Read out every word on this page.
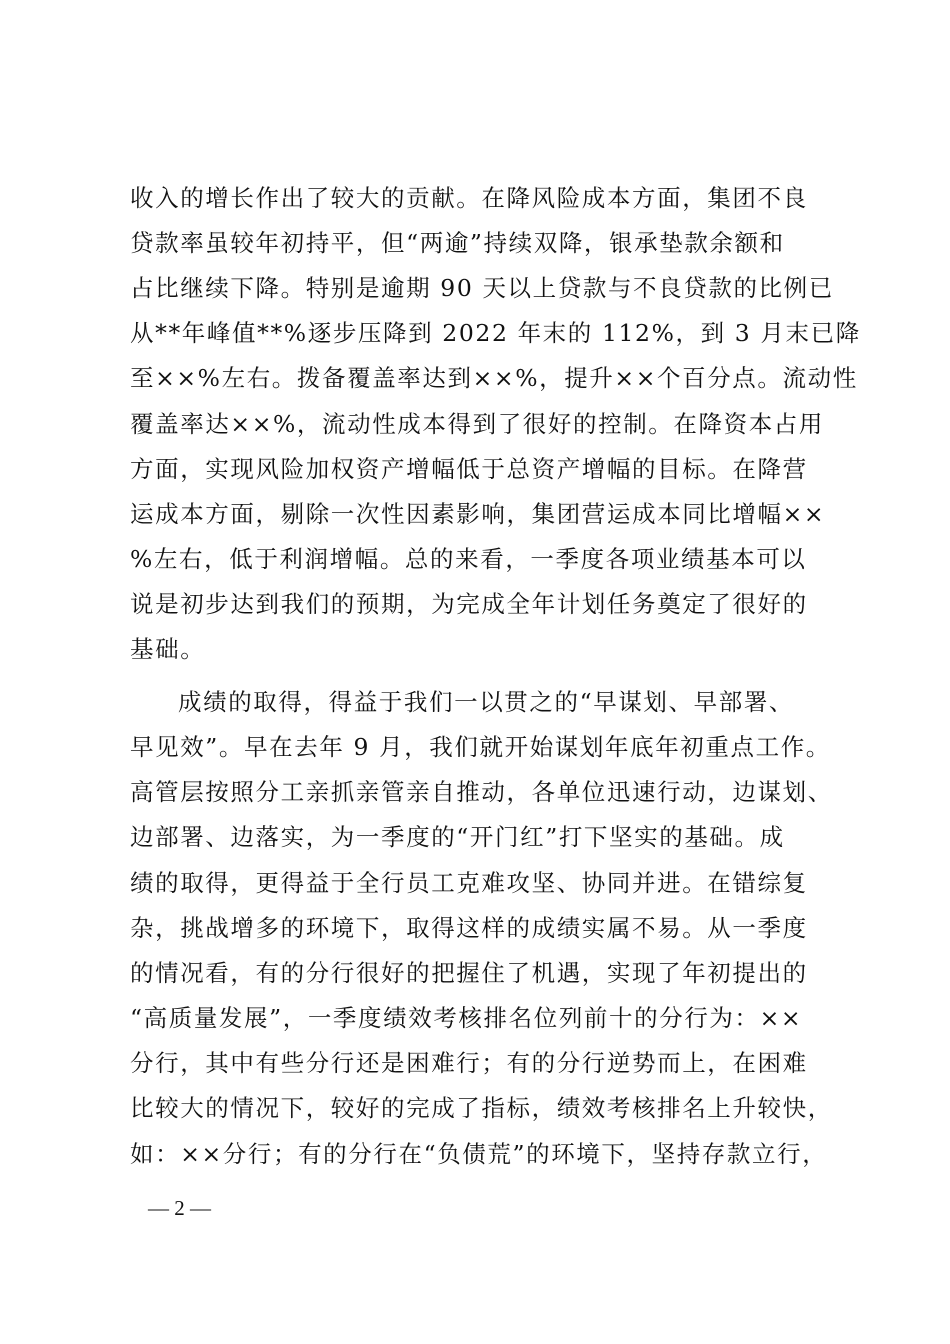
收入的增长作出了较大的贡献。在降风险成本方面，集团不良
贷款率虽较年初持平，但“两逾”持续双降，银承垫款余额和
占比继续下降。特别是逾期 90 天以上贷款与不良贷款的比例已
从**年峰值**%逐步压降到 2022 年末的 112%，到 3 月末已降
至××%左右。拨备覆盖率达到××%，提升××个百分点。流动性
覆盖率达××%，流动性成本得到了很好的控制。在降资本占用
方面，实现风险加权资产增幅低于总资产增幅的目标。在降营
运成本方面，剔除一次性因素影响，集团营运成本同比增幅××
%左右，低于利润增幅。总的来看，一季度各项业绩基本可以
说是初步达到我们的预期，为完成全年计划任务奠定了很好的
基础。
成绩的取得，得益于我们一以贯之的“早谋划、早部署、
早见效”。早在去年 9 月，我们就开始谋划年底年初重点工作。
高管层按照分工亲抓亲管亲自推动，各单位迅速行动，边谋划、
边部署、边落实，为一季度的“开门红”打下坚实的基础。成
绩的取得，更得益于全行员工克难攻坚、协同并进。在错综复
杂，挑战增多的环境下，取得这样的成绩实属不易。从一季度
的情况看，有的分行很好的把握住了机遇，实现了年初提出的
“高质量发展”，一季度绩效考核排名位列前十的分行为：××
分行，其中有些分行还是困难行；有的分行逆势而上，在困难
比较大的情况下，较好的完成了指标，绩效考核排名上升较快，
如：××分行；有的分行在“负债荒”的环境下，坚持存款立行，
— 2 —
